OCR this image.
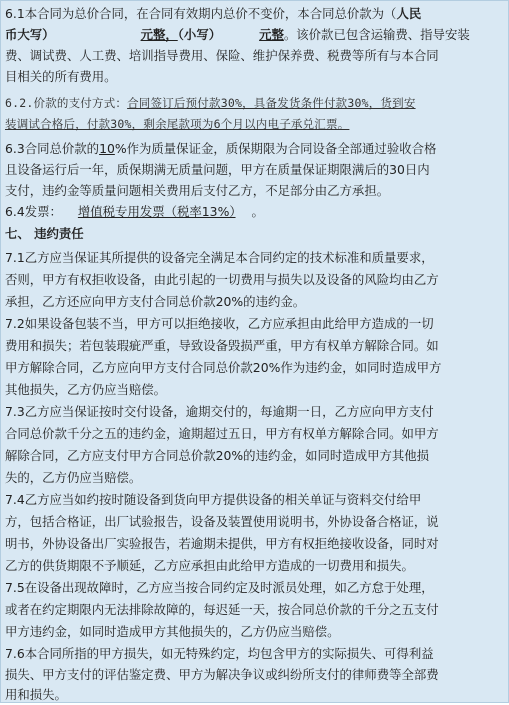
6.1本合同为总价合同，在合同有效期内总价不变价，本合同总价款为（人民

币大写）	元整，（小写）	元整。该价款已包含运输费、指导安装

费、调试费、人工费、培训指导费用、保险、维护保养费、税费等所有与本合同

目相关的所有费用。

6.2.价款的支付方式：合同签订后预付款30%，具备发货条件付款30%，货到安

装调试合格后，付款30%，剩余尾款项为6个月以内电子承兑汇票。

6.3合同总价款的10%作为质量保证金，质保期限为合同设备全部通过验收合格

且设备运行后一年，质保期满无质量问题，甲方在质量保证期限满后的30日内

支付，违约金等质量问题相关费用后支付乙方，不足部分由乙方承担。

6.4发票： 增值税专用发票（税率13%） 。

七、 违约责任

7.1乙方应当保证其所提供的设备完全满足本合同约定的技术标准和质量要求，

否则，甲方有权拒收设备，由此引起的一切费用与损失以及设备的风险均由乙方

承担，乙方还应向甲方支付合同总价款20%的违约金。

7.2如果设备包装不当，甲方可以拒绝接收，乙方应承担由此给甲方造成的一切

费用和损失；若包装瑕疵严重，导致设备毁损严重，甲方有权单方解除合同。如

甲方解除合同，乙方应向甲方支付合同总价款20%作为违约金，如同时造成甲方

其他损失，乙方仍应当赔偿。

7.3乙方应当保证按时交付设备，逾期交付的，每逾期一日，乙方应向甲方支付

合同总价款千分之五的违约金，逾期超过五日，甲方有权单方解除合同。如甲方

解除合同，乙方应支付甲方合同总价款20%的违约金，如同时造成甲方其他损

失的，乙方仍应当赔偿。

7.4乙方应当如约按时随设备到货向甲方提供设备的相关单证与资料交付给甲

方，包括合格证，出厂试验报告，设备及装置使用说明书，外协设备合格证，说

明书，外协设备出厂实验报告，若逾期未提供，甲方有权拒绝接收设备，同时对

乙方的供货期限不予顺延，乙方应承担由此给甲方造成的一切费用和损失。

7.5在设备出现故障时，乙方应当按合同约定及时派员处理，如乙方怠于处理，

或者在约定期限内无法排除故障的，每迟延一天，按合同总价款的千分之五支付

甲方违约金，如同时造成甲方其他损失的，乙方仍应当赔偿。

7.6本合同所指的甲方损失，如无特殊约定，均包含甲方的实际损失、可得利益

损失、甲方支付的评估鉴定费、甲方为解决争议或纠纷所支付的律师费等全部费

用和损失。
